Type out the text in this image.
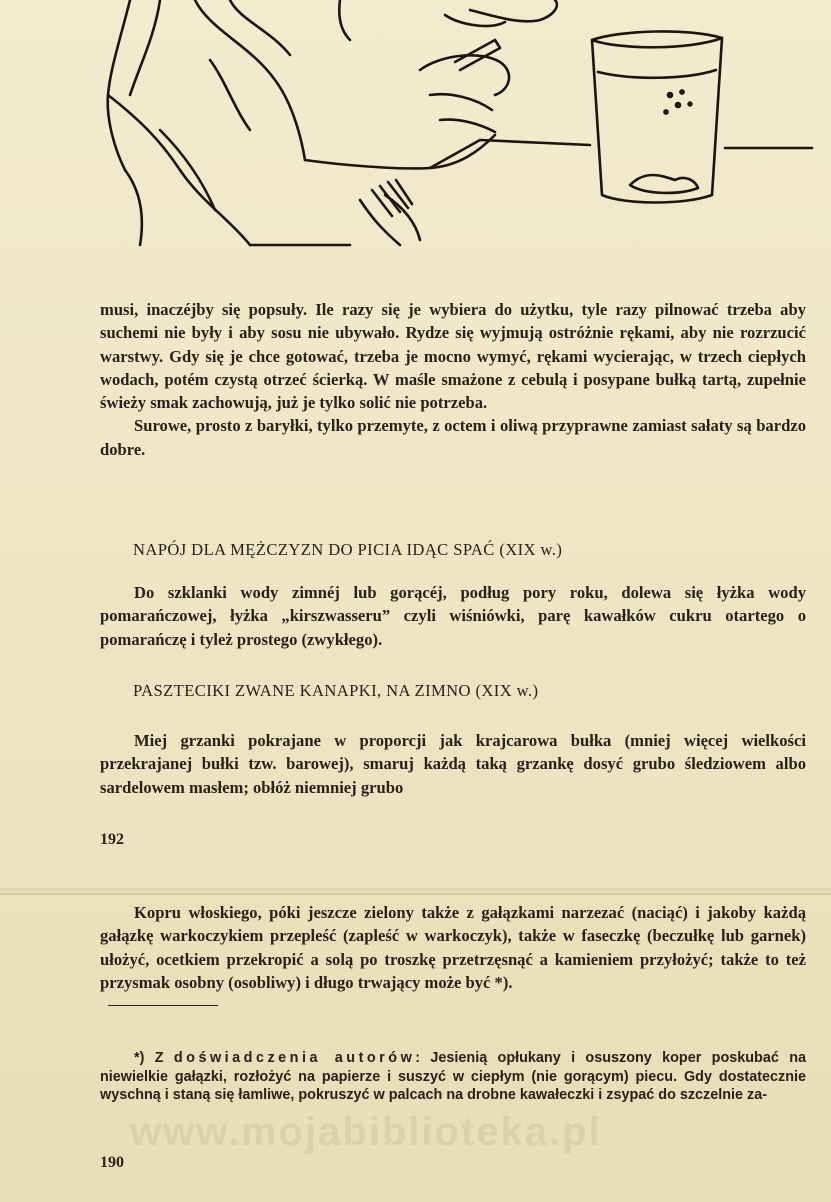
musi, inaczéjby się popsuły. Ile razy się je wybiera do użytku, tyle razy pilnować trzeba aby suchemi nie były i aby sosu nie ubywało. Rydze się wyjmują ostróżnie rękami, aby nie rozrzucić warstwy. Gdy się je chce gotować, trzeba je mocno wymyć, rękami wycierając, w trzech ciepłych wodach, potém czystą otrzeć ścierką. W maśle smażone z cebulą i posypane bułką tartą, zupełnie świeży smak zachowują, już je tylko solić nie potrzeba.

Surowe, prosto z baryłki, tylko przemyte, z octem i oliwą przyprawne zamiast sałaty są bardzo dobre.

NAPÓJ DLA MĘŻCZYZN DO PICIA IDĄC SPAĆ (XIX w.)

Do szklanki wody zimnéj lub gorącéj, podług pory roku, dolewa się łyżka wody pomarańczowej, łyżka „kirszwasseru” czyli wiśniówki, parę kawałków cukru otartego o pomarańczę i tyleż prostego (zwykłego).

PASZTECIKI ZWANE KANAPKI, NA ZIMNO (XIX w.)

Miej grzanki pokrajane w proporcji jak krajcarowa bułka (mniej więcej wielkości przekrajanej bułki tzw. barowej), smaruj każdą taką grzankę dosyć grubo śledziowem albo sardelowem masłem; obłóż niemniej grubo

192

Kopru włoskiego, póki jeszcze zielony także z gałązkami narzezać (naciąć) i jakoby każdą gałązkę warkoczykiem przepleść (zapleść w warkoczyk), także w faseczkę (beczułkę lub garnek) ułożyć, ocetkiem przekropić a solą po troszkę przetrzęsnąć a kamieniem przyłożyć; także to też przysmak osobny (osobliwy) i długo trwający może być *).

*) Z doświadczenia autorów: Jesienią opłukany i osuszony koper poskubać na niewielkie gałązki, rozłożyć na papierze i suszyć w ciepłym (nie gorącym) piecu. Gdy dostatecznie wyschną i staną się łamliwe, pokruszyć w palcach na drobne kawałeczki i zsypać do szczelnie za-
www.mojabiblioteka.pl
190
